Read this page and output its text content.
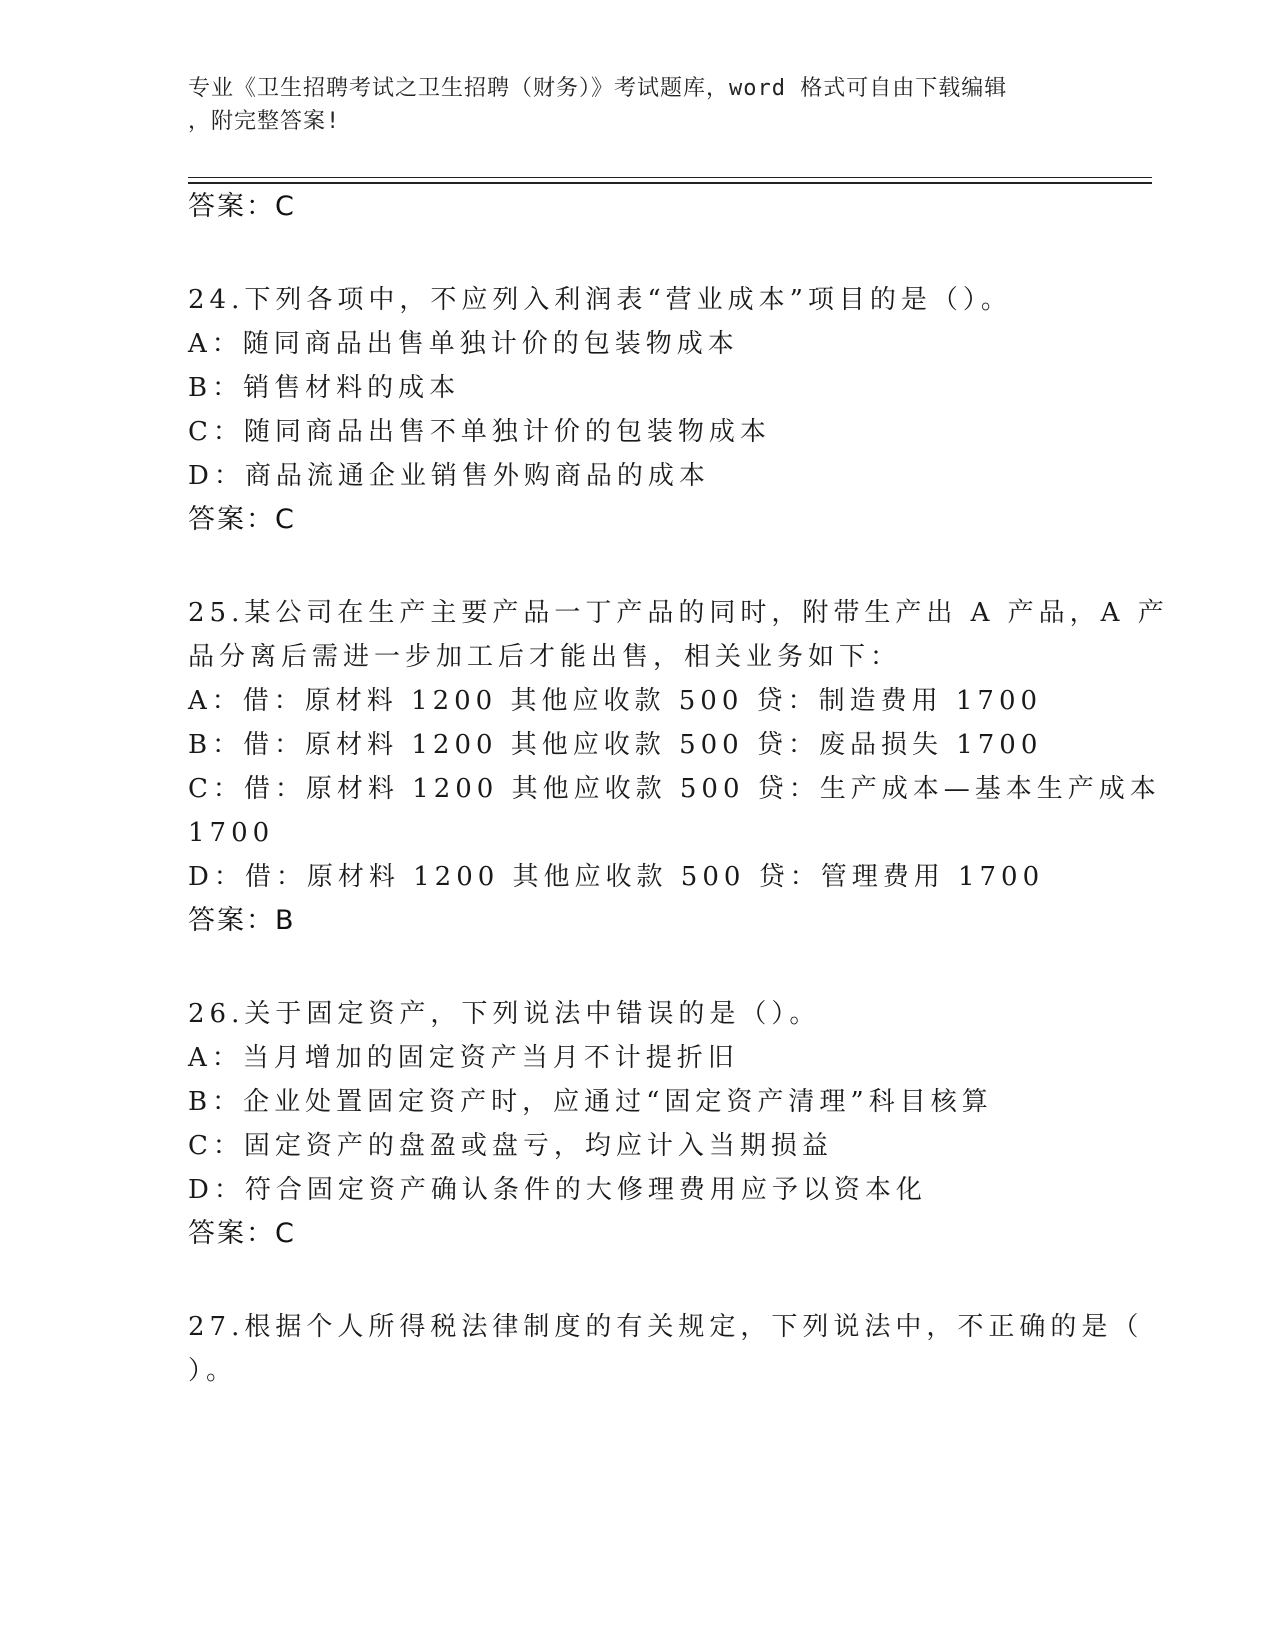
专业《卫生招聘考试之卫生招聘（财务）》考试题库，word 格式可自由下载编辑
，附完整答案!
答案：C
24.下列各项中，不应列入利润表“营业成本”项目的是（）。
A：随同商品出售单独计价的包装物成本
B：销售材料的成本
C：随同商品出售不单独计价的包装物成本
D：商品流通企业销售外购商品的成本
答案：C
25.某公司在生产主要产品一丁产品的同时，附带生产出 A 产品，A 产
品分离后需进一步加工后才能出售，相关业务如下：
A：借：原材料 1200 其他应收款 500 贷：制造费用 1700
B：借：原材料 1200 其他应收款 500 贷：废品损失 1700
C：借：原材料 1200 其他应收款 500 贷：生产成本—基本生产成本
1700
D：借：原材料 1200 其他应收款 500 贷：管理费用 1700
答案：B
26.关于固定资产，下列说法中错误的是（）。
A：当月增加的固定资产当月不计提折旧
B：企业处置固定资产时，应通过“固定资产清理”科目核算
C：固定资产的盘盈或盘亏，均应计入当期损益
D：符合固定资产确认条件的大修理费用应予以资本化
答案：C
27.根据个人所得税法律制度的有关规定，下列说法中，不正确的是（
）。
